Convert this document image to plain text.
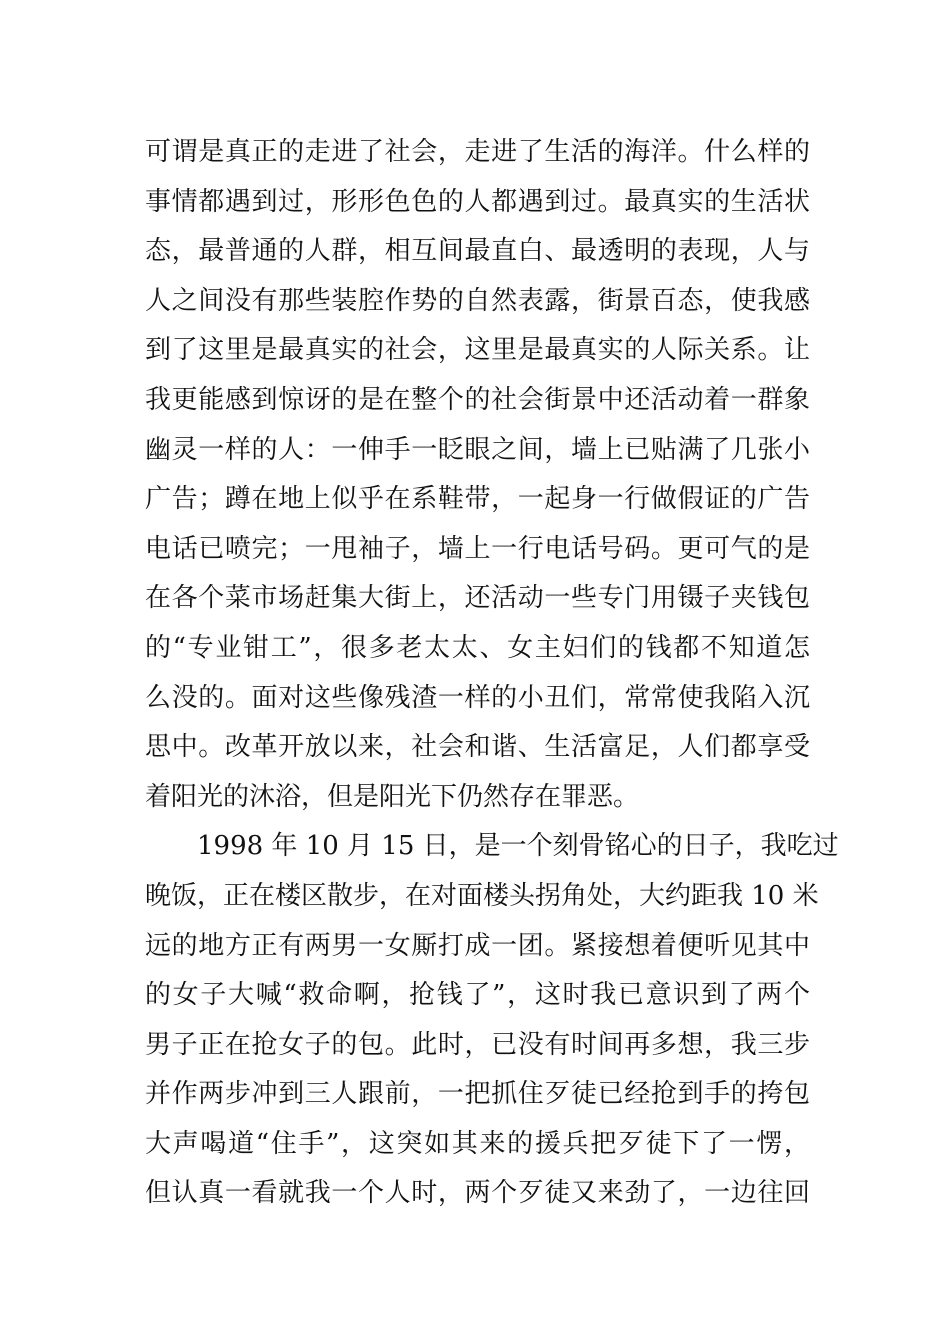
可谓是真正的走进了社会，走进了生活的海洋。什么样的
事情都遇到过，形形色色的人都遇到过。最真实的生活状
态，最普通的人群，相互间最直白、最透明的表现，人与
人之间没有那些装腔作势的自然表露，街景百态，使我感
到了这里是最真实的社会，这里是最真实的人际关系。让
我更能感到惊讶的是在整个的社会街景中还活动着一群象
幽灵一样的人：一伸手一眨眼之间，墙上已贴满了几张小
广告；蹲在地上似乎在系鞋带，一起身一行做假证的广告
电话已喷完；一甩袖子，墙上一行电话号码。更可气的是
在各个菜市场赶集大街上，还活动一些专门用镊子夹钱包
的“专业钳工”，很多老太太、女主妇们的钱都不知道怎
么没的。面对这些像残渣一样的小丑们，常常使我陷入沉
思中。改革开放以来，社会和谐、生活富足，人们都享受
着阳光的沐浴，但是阳光下仍然存在罪恶。
1998 年 10 月 15 日，是一个刻骨铭心的日子，我吃过
晚饭，正在楼区散步，在对面楼头拐角处，大约距我 10 米
远的地方正有两男一女厮打成一团。紧接想着便听见其中
的女子大喊“救命啊，抢钱了”，这时我已意识到了两个
男子正在抢女子的包。此时，已没有时间再多想，我三步
并作两步冲到三人跟前，一把抓住歹徒已经抢到手的挎包
大声喝道“住手”，这突如其来的援兵把歹徒下了一愣，
但认真一看就我一个人时，两个歹徒又来劲了，一边往回
